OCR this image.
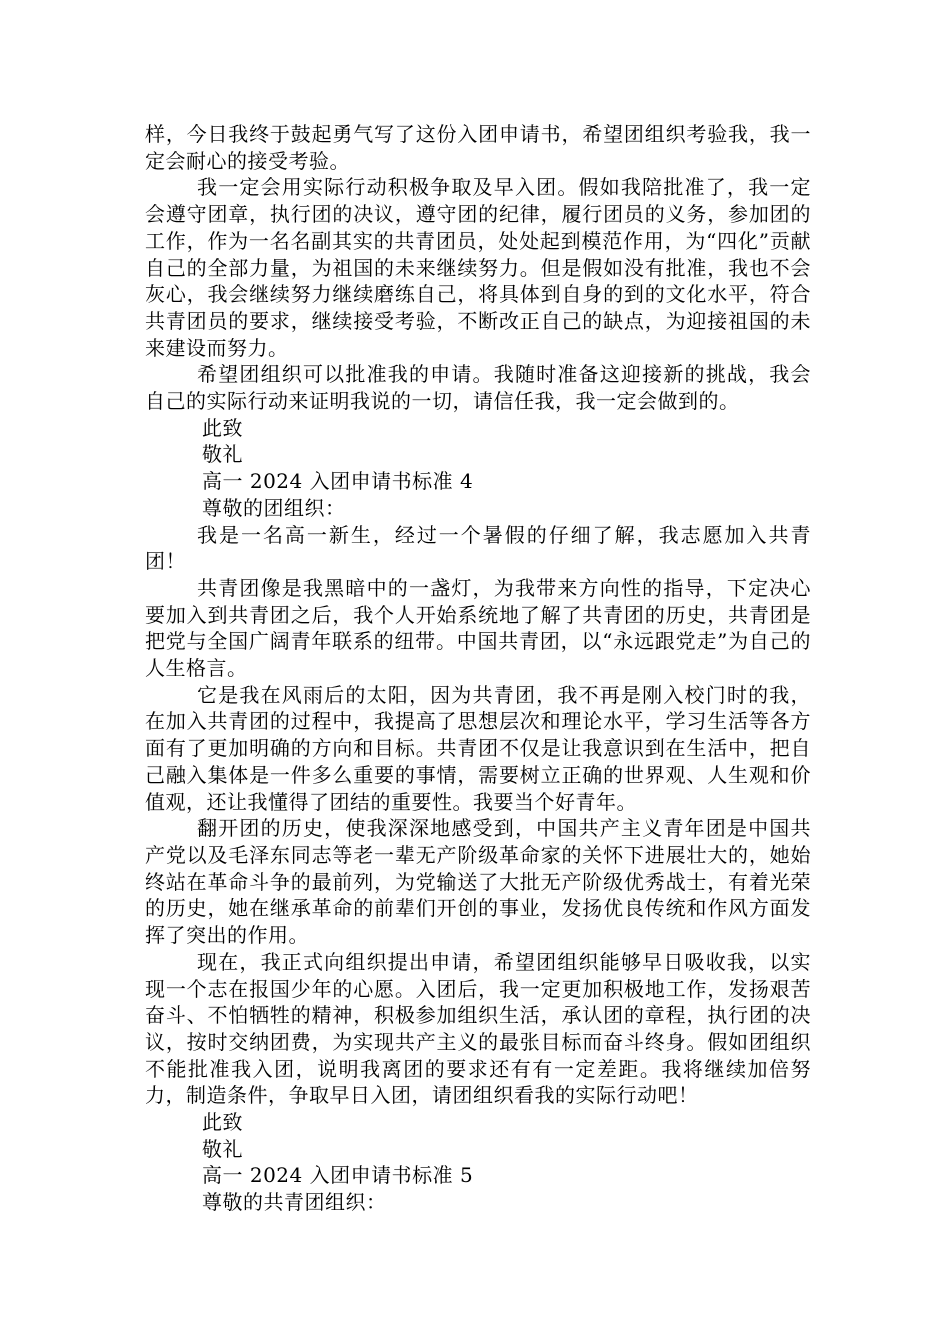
样，今日我终于鼓起勇气写了这份入团申请书，希望团组织考验我，我一定会耐心的接受考验。

我一定会用实际行动积极争取及早入团。假如我陪批准了，我一定会遵守团章，执行团的决议，遵守团的纪律，履行团员的义务，参加团的工作，作为一名名副其实的共青团员，处处起到模范作用，为“四化”贡献自己的全部力量，为祖国的未来继续努力。但是假如没有批准，我也不会灰心，我会继续努力继续磨练自己，将具体到自身的到的文化水平，符合共青团员的要求，继续接受考验，不断改正自己的缺点，为迎接祖国的未来建设而努力。

希望团组织可以批准我的申请。我随时准备这迎接新的挑战，我会自己的实际行动来证明我说的一切，请信任我，我一定会做到的。

此致

敬礼

高一 2024 入团申请书标准 4

尊敬的团组织：

我是一名高一新生，经过一个暑假的仔细了解，我志愿加入共青团！

共青团像是我黑暗中的一盏灯，为我带来方向性的指导，下定决心要加入到共青团之后，我个人开始系统地了解了共青团的历史，共青团是把党与全国广阔青年联系的纽带。中国共青团，以“永远跟党走”为自己的人生格言。

它是我在风雨后的太阳，因为共青团，我不再是刚入校门时的我，在加入共青团的过程中，我提高了思想层次和理论水平，学习生活等各方面有了更加明确的方向和目标。共青团不仅是让我意识到在生活中，把自己融入集体是一件多么重要的事情，需要树立正确的世界观、人生观和价值观，还让我懂得了团结的重要性。我要当个好青年。

翻开团的历史，使我深深地感受到，中国共产主义青年团是中国共产党以及毛泽东同志等老一辈无产阶级革命家的关怀下进展壮大的，她始终站在革命斗争的最前列，为党输送了大批无产阶级优秀战士，有着光荣的历史，她在继承革命的前辈们开创的事业，发扬优良传统和作风方面发挥了突出的作用。

现在，我正式向组织提出申请，希望团组织能够早日吸收我，以实现一个志在报国少年的心愿。入团后，我一定更加积极地工作，发扬艰苦奋斗、不怕牺牲的精神，积极参加组织生活，承认团的章程，执行团的决议，按时交纳团费，为实现共产主义的最张目标而奋斗终身。假如团组织不能批准我入团，说明我离团的要求还有有一定差距。我将继续加倍努力，制造条件，争取早日入团，请团组织看我的实际行动吧！

此致

敬礼

高一 2024 入团申请书标准 5

尊敬的共青团组织：
